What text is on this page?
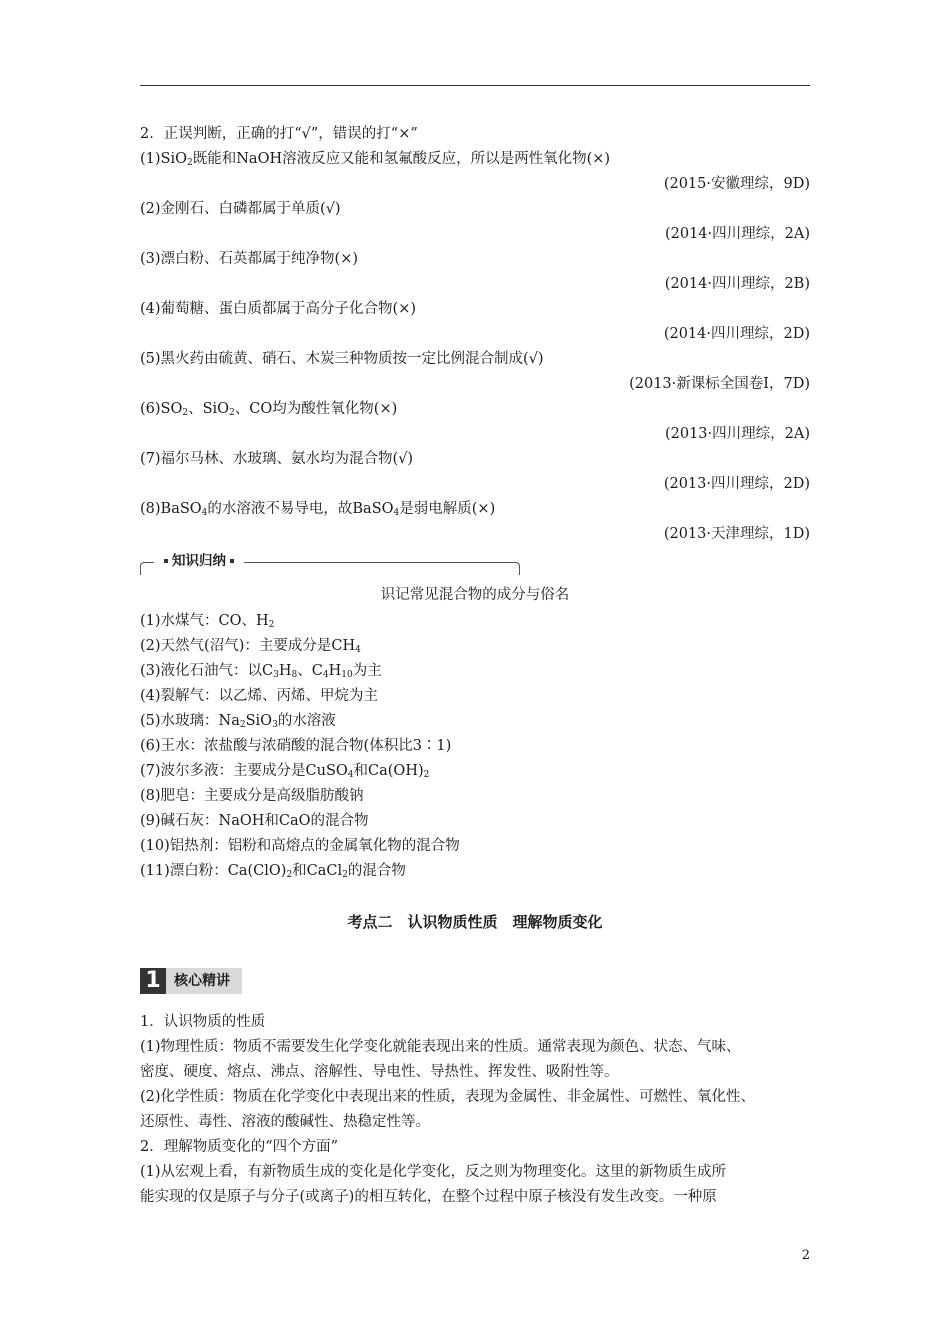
2．正误判断，正确的打“√”，错误的打“×”
(1)SiO$_2$既能和NaOH溶液反应又能和氢氟酸反应，所以是两性氧化物(×)
(2015·安徽理综，9D)
(2)金刚石、白磷都属于单质(√)
(2014·四川理综，2A)
(3)漂白粉、石英都属于纯净物(×)
(2014·四川理综，2B)
(4)葡萄糖、蛋白质都属于高分子化合物(×)
(2014·四川理综，2D)
(5)黑火药由硫黄、硝石、木炭三种物质按一定比例混合制成(√)
(2013·新课标全国卷Ⅰ，7D)
$(6)SO_2$、SiO$_2$、CO均为酸性氧化物(×)
(2013·四川理综，2A)
(7)福尔马林、水玻璃、氨水均为混合物(√)
(2013·四川理综，2D)
(8)BaSO$_4$的水溶液不易导电，故BaSO$_4$是弱电解质(×)
(2013·天津理综，1D)
知识归纳
识记常见混合物的成分与俗名
(1)水煤气：CO、$H_2$
(2)天然气(沼气)：主要成分是$CH_4$
(3)液化石油气：以$C_3H_8$、$C_4H_{10}$为主
(4)裂解气：以乙烯、丙烯、甲烷为主
(5)水玻璃：$Na_2SiO_3$的水溶液
(6)王水：浓盐酸与浓硝酸的混合物(体积比3∶1)
(7)波尔多液：主要成分是CuSO$_4$和$Ca(OH)_2$
(8)肥皂：主要成分是高级脂肪酸钠
(9)碱石灰：NaOH和CaO的混合物
(10)铝热剂：铝粉和高熔点的金属氧化物的混合物
(11)漂白粉：$Ca(ClO)_2$和CaCl$_2$的混合物
考点二　认识物质性质　理解物质变化
1 核心精讲
1．认识物质的性质
(1)物理性质：物质不需要发生化学变化就能表现出来的性质。通常表现为颜色、状态、气味、
密度、硬度、熔点、沸点、溶解性、导电性、导热性、挥发性、吸附性等。
(2)化学性质：物质在化学变化中表现出来的性质，表现为金属性、非金属性、可燃性、氧化性、
还原性、毒性、溶液的酸碱性、热稳定性等。
2．理解物质变化的“四个方面”
(1)从宏观上看，有新物质生成的变化是化学变化，反之则为物理变化。这里的新物质生成所
能实现的仅是原子与分子(或离子)的相互转化，在整个过程中原子核没有发生改变。一种原
2
